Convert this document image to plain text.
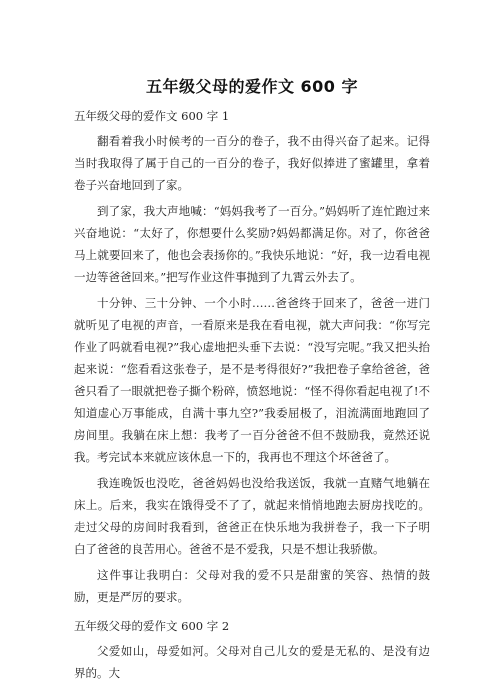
五年级父母的爱作文 600 字
五年级父母的爱作文 600 字 1

翻看着我小时候考的一百分的卷子，我不由得兴奋了起来。记得当时我取得了属于自己的一百分的卷子，我好似捧进了蜜罐里，拿着卷子兴奋地回到了家。

到了家，我大声地喊：“妈妈我考了一百分。”妈妈听了连忙跑过来兴奋地说：“太好了，你想要什么奖励?妈妈都满足你。对了，你爸爸马上就要回来了，他也会表扬你的。”我快乐地说：“好，我一边看电视一边等爸爸回来。”把写作业这件事抛到了九霄云外去了。

十分钟、三十分钟、一个小时……爸爸终于回来了，爸爸一进门就听见了电视的声音，一看原来是我在看电视，就大声问我：“你写完作业了吗就看电视?”我心虚地把头垂下去说：“没写完呢。”我又把头抬起来说：“您看看这张卷子，是不是考得很好?”我把卷子拿给爸爸，爸爸只看了一眼就把卷子撕个粉碎，愤怒地说：“怪不得你看起电视了!不知道虚心万事能成，自满十事九空?”我委屈极了，泪流满面地跑回了房间里。我躺在床上想：我考了一百分爸爸不但不鼓励我，竟然还说我。考完试本来就应该休息一下的，我再也不理这个坏爸爸了。

我连晚饭也没吃，爸爸妈妈也没给我送饭，我就一直赌气地躺在床上。后来，我实在饿得受不了了，就起来悄悄地跑去厨房找吃的。走过父母的房间时我看到，爸爸正在快乐地为我拼卷子，我一下子明白了爸爸的良苦用心。爸爸不是不爱我，只是不想让我骄傲。

这件事让我明白：父母对我的爱不只是甜蜜的笑容、热情的鼓励，更是严厉的要求。

五年级父母的爱作文 600 字 2

父爱如山，母爱如河。父母对自己儿女的爱是无私的、是没有边界的。大
